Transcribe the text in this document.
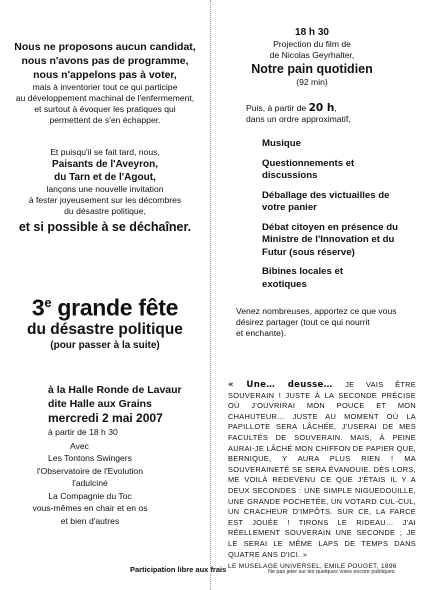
Nous ne proposons aucun candidat,
nous n'avons pas de programme,
nous n'appelons pas à voter,
mais à inventorier tout ce qui participe
au développement machinal de l'enfermement,
et surtout à évoquer les pratiques qui
permettent de s'en échapper.
Et puisqu'il se fait tard, nous,
Paisants de l'Aveyron,
du Tarn et de l'Agout,
lançons une nouvelle invitation
à fester joyeusement sur les décombres
du désastre politique,
et si possible à se déchaîner.
3e grande fête
du désastre politique
(pour passer à la suite)
à la Halle Ronde de Lavaur
dite Halle aux Grains
mercredi 2 mai 2007
à partir de 18 h 30
Avec
Les Tontons Swingers
l'Observatoire de l'Evolution
l'adulciné
La Compagnie du Toc
vous-mêmes en chair et en os
et bien d'autres
Participation libre aux frais
18 h 30
Projection du film de
de Nicolas Geyrhalter,
Notre pain quotidien
(92 min)
Puis, à partir de 20 h,
dans un ordre approximatif,
Musique
Questionnements et discussions
Déballage des victuailles de votre panier
Débat citoyen en présence du Ministre de l'Innovation et du Futur (sous réserve)
Bibines locales et exotiques
Venez nombreuses, apportez ce que vous
désirez partager (tout ce qui nourrit
et enchante).

« Une… deusse… JE VAIS ÊTRE SOUVERAIN ! JUSTE À LA SECONDE PRÉCISE OÙ J'OUVRIRAI MON POUCE ET MON CHAHUTEUR… JUSTE AU MOMENT OÙ LA PAPILLOTE SERA LÂCHÉE, J'USERAI DE MES FACULTÉS DE SOUVERAIN. MAIS, À PEINE AURAI-JE LÂCHÉ MON CHIFFON DE PAPIER QUE, BERNIQUE, Y AURA PLUS RIEN ! MA SOUVERAINETÉ SE SERA ÉVANOUIE. DÈS LORS, ME VOILÀ REDEVENU CE QUE J'ÉTAIS IL Y A DEUX SECONDES : UNE SIMPLE NIGUEDOUILLE, UNE GRANDE POCHETÉE, UN VOTARD CUL-CUL, UN CRACHEUR D'IMPÔTS. SUR CE, LA FARCE EST JOUÉE ! TIRONS LE RIDEAU… J'AI RÉELLEMENT SOUVERAIN UNE SECONDE ; JE LE SERAI LE MÊME LAPS DE TEMPS DANS QUATRE ANS D'ICI. »

LE MUSELAGE UNIVERSEL, EMILE POUGET, 1896

Ne pas jeter sur les quelques voies encore publiques.
